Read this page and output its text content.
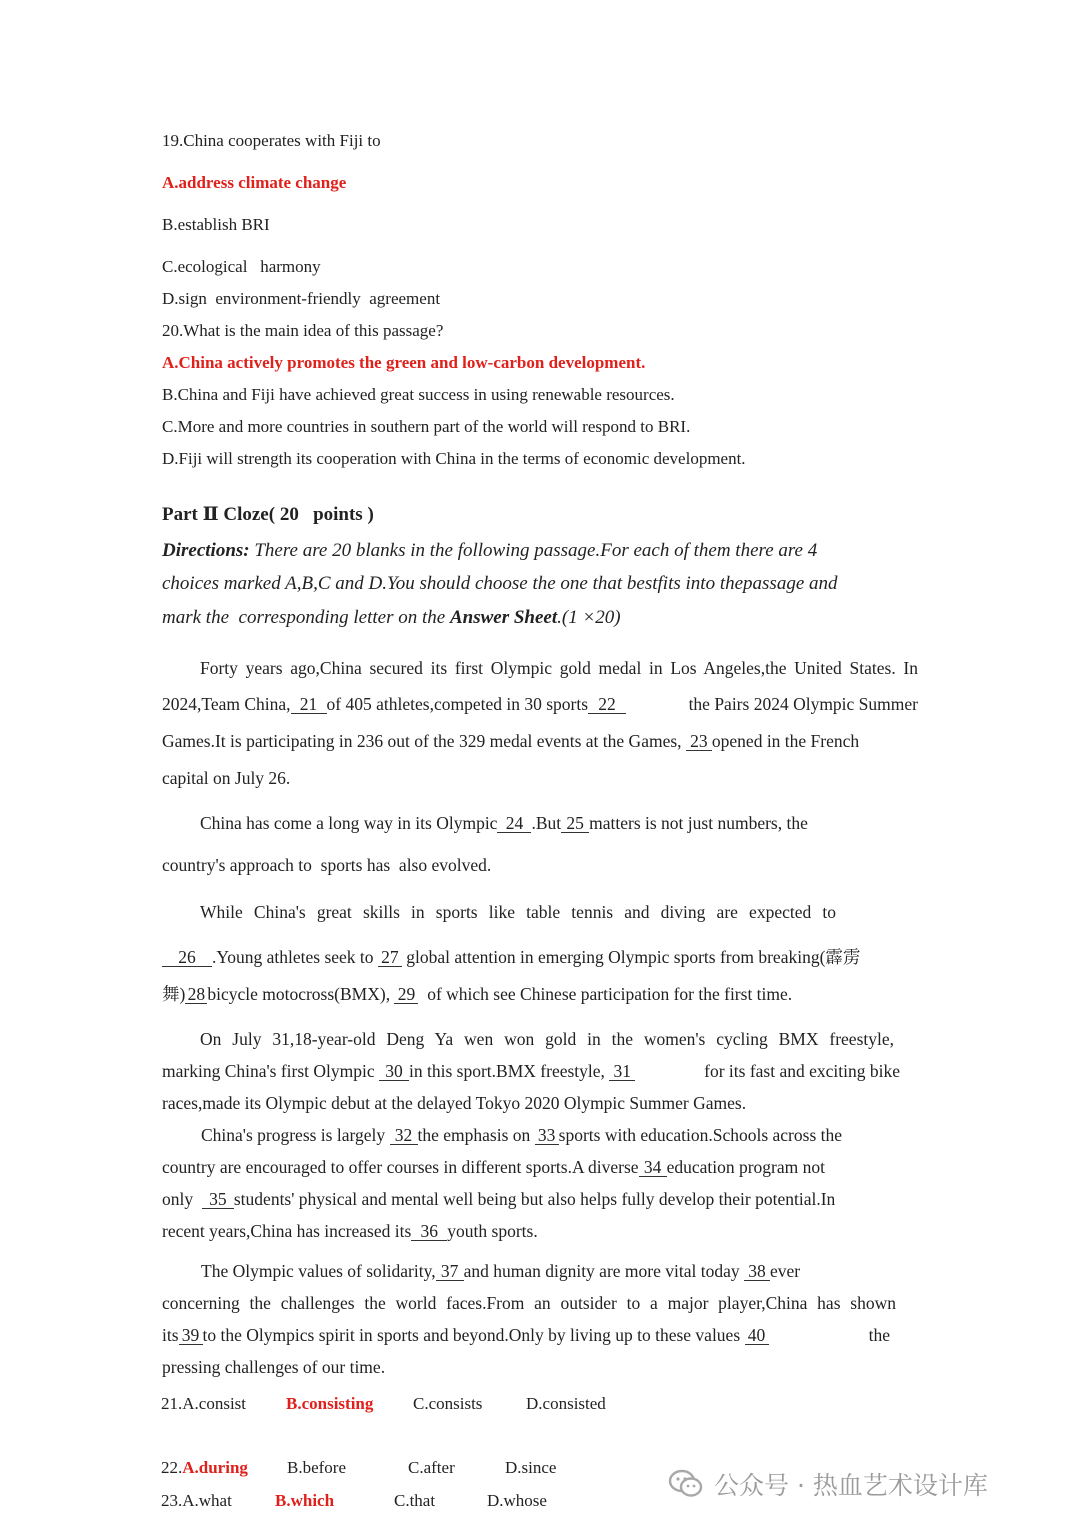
19.China cooperates with Fiji to
A.address climate change
B.establish BRI
C.ecological   harmony
D.sign  environment-friendly  agreement
20.What is the main idea of this passage?
A.China actively promotes the green and low-carbon development.
B.China and Fiji have achieved great success in using renewable resources.
C.More and more countries in southern part of the world will respond to BRI.
D.Fiji will strength its cooperation with China in the terms of economic development.
Part Ⅱ Cloze( 20   points )
Directions: There are 20 blanks in the following passage.For each of them there are 4
choices marked A,B,C and D.You should choose the one that bestfits into thepassage and
mark the  corresponding letter on the Answer Sheet.(1 ×20)
Forty years ago,China secured its first Olympic gold medal in Los Angeles,the United States. In
2024,Team China, 21 of 405 athletes,competed in 30 sports 22	the Pairs 2024 Olympic Summer
Games.It is participating in 236 out of the 329 medal events at the Games, 23 opened in the French
capital on July 26.
China has come a long way in its Olympic 24 .But 25 matters is not just numbers, the
country's approach to  sports has  also evolved.
While China's great skills in sports like table tennis and diving are expected to
26 .Young athletes seek to 27 global attention in emerging Olympic sports from breaking(霹雳
舞) 28 bicycle motocross(BMX), 29 of which see Chinese participation for the first time.
On July 31,18-year-old Deng Ya wen won gold in the women's cycling BMX freestyle,
marking China's first Olympic 30 in this sport.BMX freestyle, 31	for its fast and exciting bike
races,made its Olympic debut at the delayed Tokyo 2020 Olympic Summer Games.
China's progress is largely 32 the emphasis on 33 sports with education.Schools across the
country are encouraged to offer courses in different sports.A diverse 34 education program not
only 35 students' physical and mental well being but also helps fully develop their potential.In
recent years,China has increased its 36 youth sports.
The Olympic values of solidarity, 37 and human dignity are more vital today 38 ever
concerning the challenges the world faces.From an outsider to a major player,China has shown
its 39 to the Olympics spirit in sports and beyond.Only by living up to these values 40	the
pressing challenges of our time.
21.A.consist B.consisting C.consists	D.consisted
22.A.during B.before	C.after	D.since
23.A.what	B.which	C.that	D.whose
公众号 · 热血艺术设计库
